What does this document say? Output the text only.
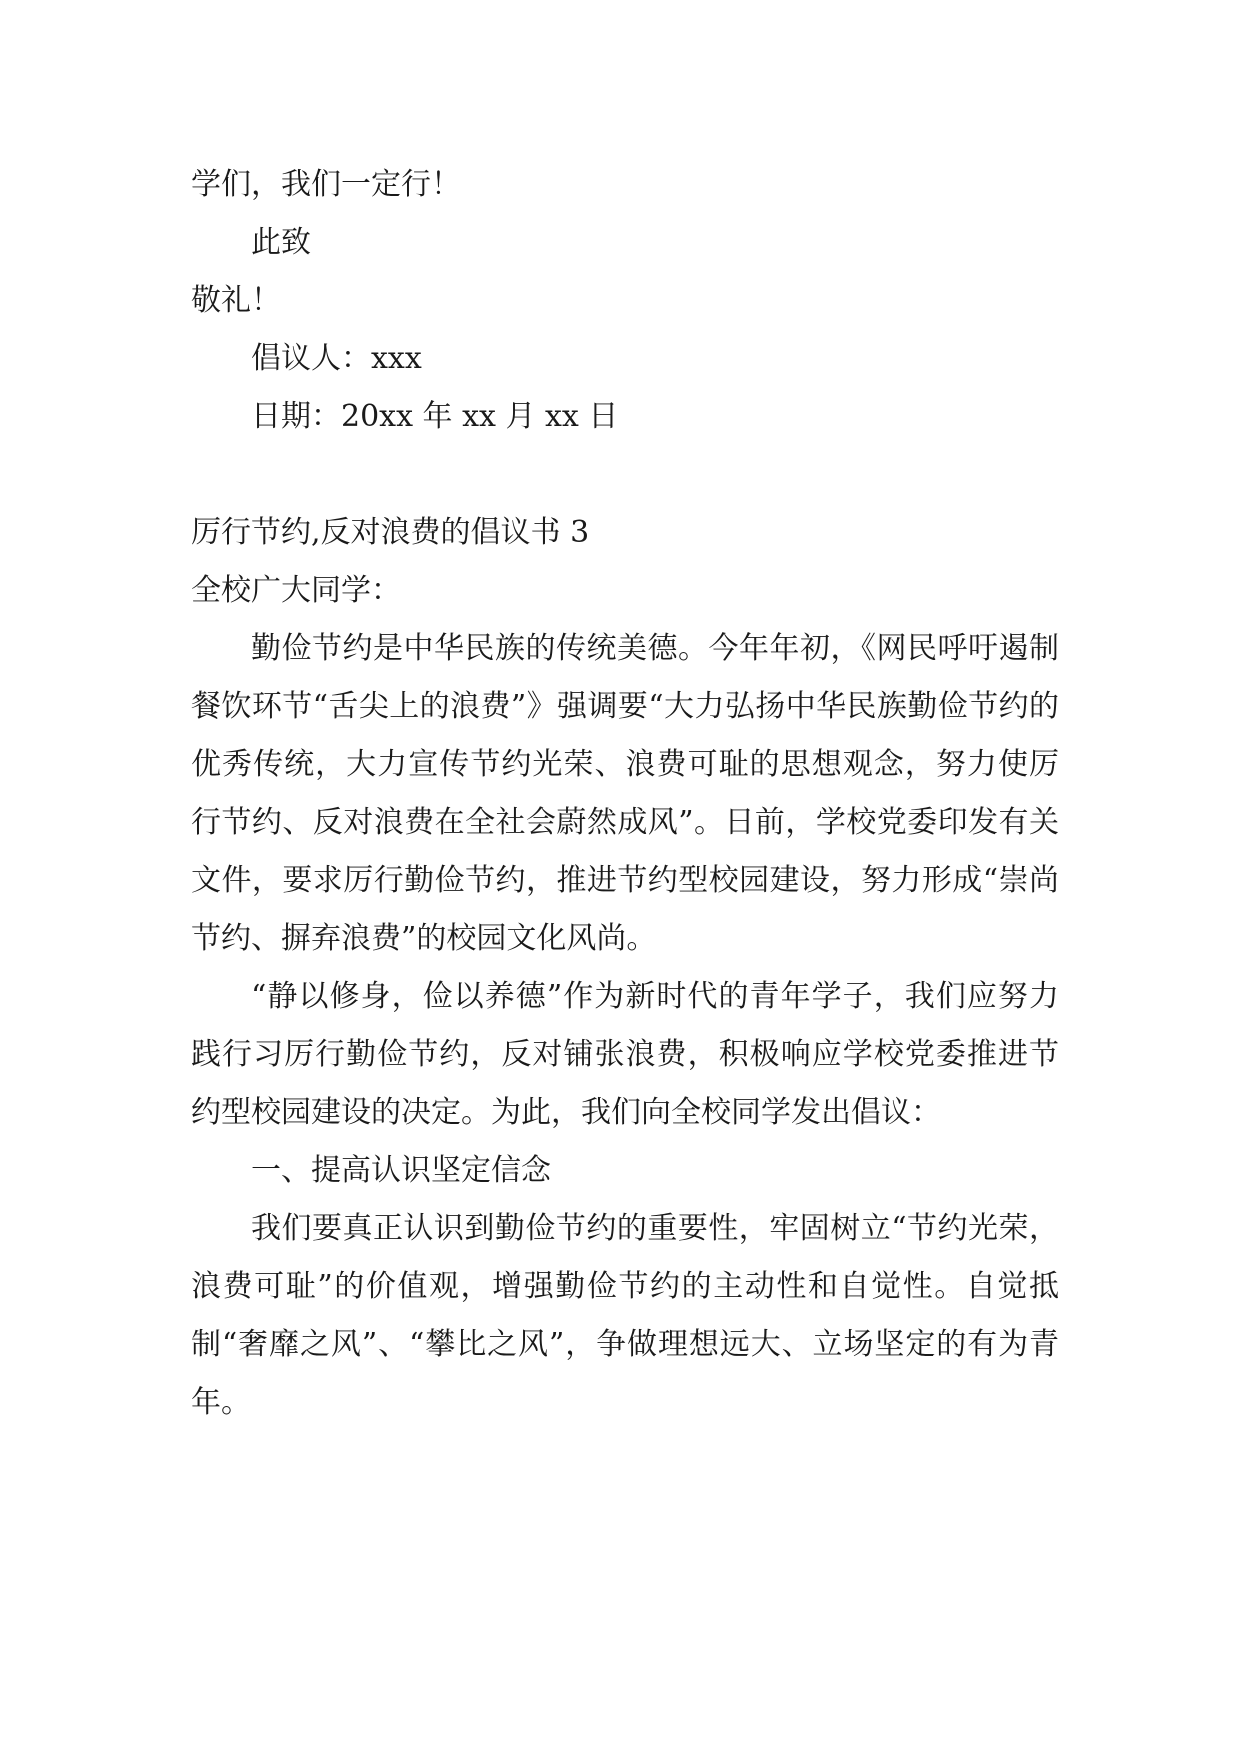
学们，我们一定行！
此致
敬礼！
倡议人：xxx
日期：20xx 年 xx 月 xx 日
厉行节约,反对浪费的倡议书 3
全校广大同学：
勤俭节约是中华民族的传统美德。今年年初，《网民呼吁遏制餐饮环节“舌尖上的浪费”》强调要“大力弘扬中华民族勤俭节约的优秀传统，大力宣传节约光荣、浪费可耻的思想观念，努力使厉行节约、反对浪费在全社会蔚然成风”。日前，学校党委印发有关文件，要求厉行勤俭节约，推进节约型校园建设，努力形成“崇尚节约、摒弃浪费”的校园文化风尚。
“静以修身，俭以养德”作为新时代的青年学子，我们应努力践行习厉行勤俭节约，反对铺张浪费，积极响应学校党委推进节约型校园建设的决定。为此，我们向全校同学发出倡议：
一、提高认识坚定信念
我们要真正认识到勤俭节约的重要性，牢固树立“节约光荣，浪费可耻”的价值观，增强勤俭节约的主动性和自觉性。自觉抵制“奢靡之风”、“攀比之风”，争做理想远大、立场坚定的有为青年。
